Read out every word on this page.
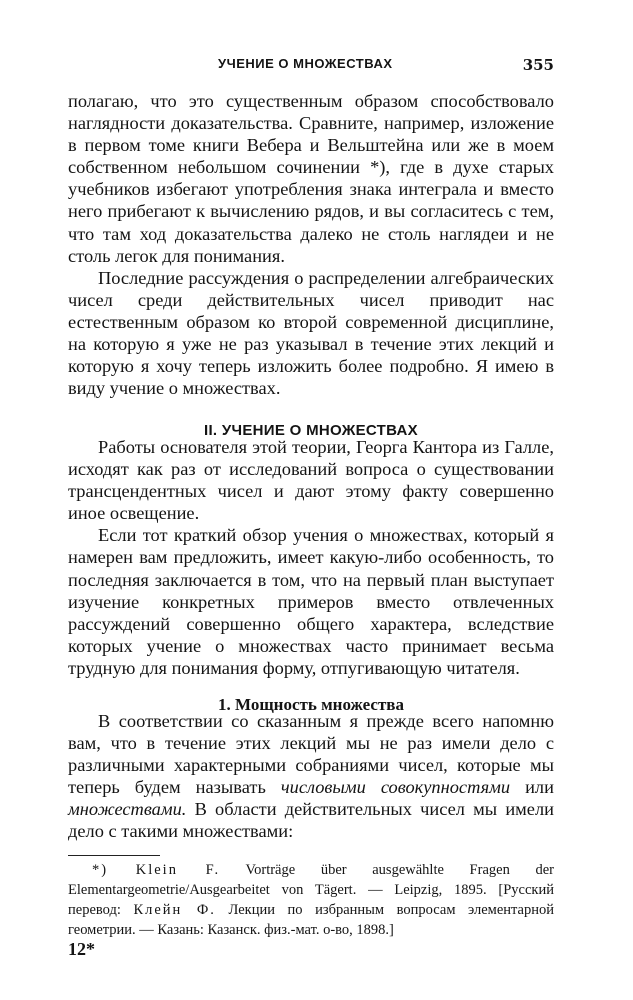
УЧЕНИЕ О МНОЖЕСТВАХ	355

полагаю, что это существенным образом способствовало наглядности доказательства. Сравните, например, изложение в первом томе книги Вебера и Вельштейна или же в моем собственном небольшом сочинении *), где в духе старых учебников избегают употребления знака интеграла и вместо него прибегают к вычислению рядов, и вы согласитесь с тем, что там ход доказательства далеко не столь наглядеи и не столь легок для понимания.

Последние рассуждения о распределении алгебраических чисел среди действительных чисел приводит нас естественным образом ко второй современной дисциплине, на которую я уже не раз указывал в течение этих лекций и которую я хочу теперь изложить более подробно. Я имею в виду учение о множествах.

II. УЧЕНИЕ О МНОЖЕСТВАХ

Работы основателя этой теории, Георга Кантора из Галле, исходят как раз от исследований вопроса о существовании трансцендентных чисел и дают этому факту совершенно иное освещение.

Если тот краткий обзор учения о множествах, который я намерен вам предложить, имеет какую-либо особенность, то последняя заключается в том, что на первый план выступает изучение конкретных примеров вместо отвлеченных рассуждений совершенно общего характера, вследствие которых учение о множествах часто принимает весьма трудную для понимания форму, отпугивающую читателя.

1. Мощность множества

В соответствии со сказанным я прежде всего напомню вам, что в течение этих лекций мы не раз имели дело с различными характерными собраниями чисел, которые мы теперь будем называть числовыми совокупностями или множествами. В области действительных чисел мы имели дело с такими множествами:

*) Klein F. Vorträge über ausgewählte Fragen der Elementargeometrie/Ausgearbeitet von Tägert. — Leipzig, 1895. [Русский перевод: Клейн Ф. Лекции по избранным вопросам элементарной геометрии. — Казань: Казанск. физ.-мат. о-во, 1898.]

12*
